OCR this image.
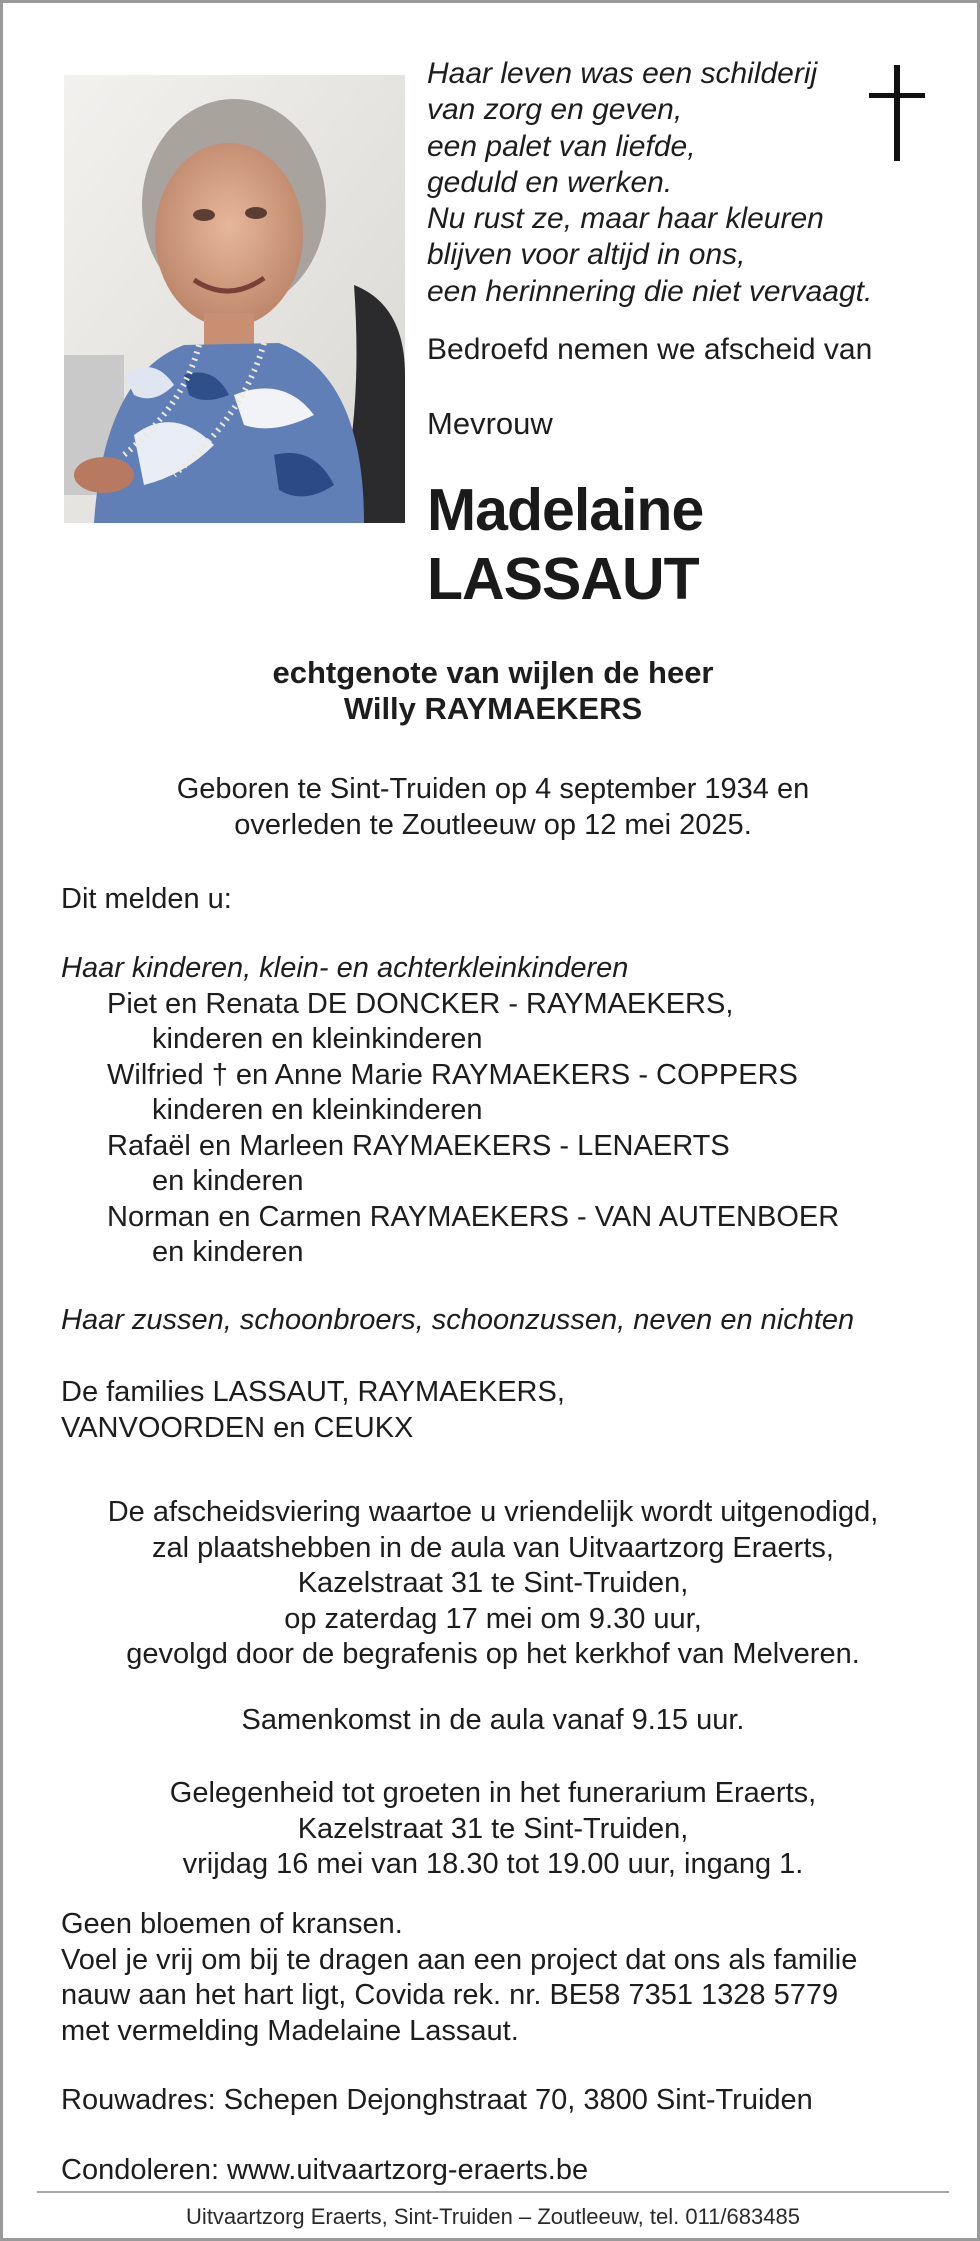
Haar leven was een schilderij
van zorg en geven,
een palet van liefde,
geduld en werken.
Nu rust ze, maar haar kleuren
blijven voor altijd in ons,
een herinnering die niet vervaagt.
Bedroefd nemen we afscheid van
Mevrouw
Madelaine
LASSAUT
echtgenote van wijlen de heer
Willy RAYMAEKERS
Geboren te Sint-Truiden op 4 september 1934 en
overleden te Zoutleeuw op 12 mei 2025.
Dit melden u:
Haar kinderen, klein- en achterkleinkinderen
Piet en Renata DE DONCKER - RAYMAEKERS,
kinderen en kleinkinderen
Wilfried † en Anne Marie RAYMAEKERS - COPPERS
kinderen en kleinkinderen
Rafaël en Marleen RAYMAEKERS - LENAERTS
en kinderen
Norman en Carmen RAYMAEKERS - VAN AUTENBOER
en kinderen
Haar zussen, schoonbroers, schoonzussen, neven en nichten
De families LASSAUT, RAYMAEKERS,
VANVOORDEN en CEUKX
De afscheidsviering waartoe u vriendelijk wordt uitgenodigd,
zal plaatshebben in de aula van Uitvaartzorg Eraerts,
Kazelstraat 31 te Sint-Truiden,
op zaterdag 17 mei om 9.30 uur,
gevolgd door de begrafenis op het kerkhof van Melveren.
Samenkomst in de aula vanaf 9.15 uur.
Gelegenheid tot groeten in het funerarium Eraerts,
Kazelstraat 31 te Sint-Truiden,
vrijdag 16 mei van 18.30 tot 19.00 uur, ingang 1.
Geen bloemen of kransen.
Voel je vrij om bij te dragen aan een project dat ons als familie
nauw aan het hart ligt, Covida rek. nr. BE58 7351 1328 5779
met vermelding Madelaine Lassaut.
Rouwadres: Schepen Dejonghstraat 70, 3800 Sint-Truiden
Condoleren: www.uitvaartzorg-eraerts.be
Uitvaartzorg Eraerts, Sint-Truiden – Zoutleeuw, tel. 011/683485
